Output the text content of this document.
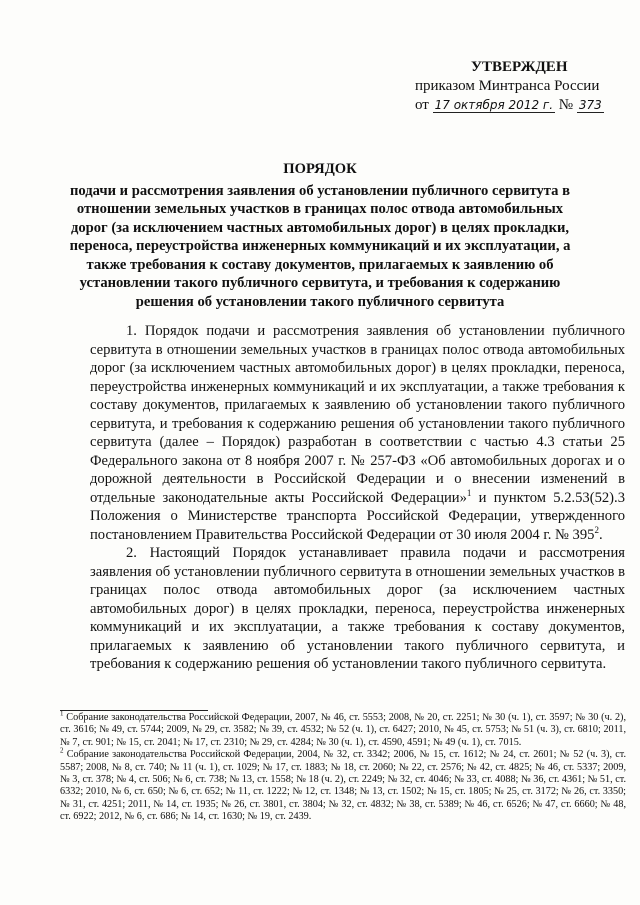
УТВЕРЖДЕН
приказом Минтранса России
от 17 октября 2012 г. № 373
ПОРЯДОК
подачи и рассмотрения заявления об установлении публичного сервитута в отношении земельных участков в границах полос отвода автомобильных дорог (за исключением частных автомобильных дорог) в целях прокладки, переноса, переустройства инженерных коммуникаций и их эксплуатации, а также требования к составу документов, прилагаемых к заявлению об установлении такого публичного сервитута, и требования к содержанию решения об установлении такого публичного сервитута

1. Порядок подачи и рассмотрения заявления об установлении публичного сервитута в отношении земельных участков в границах полос отвода автомобильных дорог (за исключением частных автомобильных дорог) в целях прокладки, переноса, переустройства инженерных коммуникаций и их эксплуатации, а также требования к составу документов, прилагаемых к заявлению об установлении такого публичного сервитута, и требования к содержанию решения об установлении такого публичного сервитута (далее – Порядок) разработан в соответствии с частью 4.3 статьи 25 Федерального закона от 8 ноября 2007 г. № 257-ФЗ «Об автомобильных дорогах и о дорожной деятельности в Российской Федерации и о внесении изменений в отдельные законодательные акты Российской Федерации»$^1$ и пунктом 5.2.53(52).3 Положения о Министерстве транспорта Российской Федерации, утвержденного постановлением Правительства Российской Федерации от 30 июля 2004 г. № $395^2$.

2. Настоящий Порядок устанавливает правила подачи и рассмотрения заявления об установлении публичного сервитута в отношении земельных участков в границах полос отвода автомобильных дорог (за исключением частных автомобильных дорог) в целях прокладки, переноса, переустройства инженерных коммуникаций и их эксплуатации, а также требования к составу документов, прилагаемых к заявлению об установлении такого публичного сервитута, и требования к содержанию решения об установлении такого публичного сервитута.

$^1$ Собрание законодательства Российской Федерации, 2007, № 46, ст. 5553; 2008, № 20, ст. 2251; № 30 (ч. 1), ст. 3597; № 30 (ч. 2), ст. 3616; № 49, ст. 5744; 2009, № 29, ст. 3582; № 39, ст. 4532; № 52 (ч. 1), ст. 6427; 2010, № 45, ст. 5753; № 51 (ч. 3), ст. 6810; 2011, № 7, ст. 901; № 15, ст. 2041; № 17, ст. 2310; № 29, ст. 4284; № 30 (ч. 1), ст. 4590, 4591; № 49 (ч. 1), ст. 7015.

$^2$ Собрание законодательства Российской Федерации, 2004, № 32, ст. 3342; 2006, № 15, ст. 1612; № 24, ст. 2601; № 52 (ч. 3), ст. 5587; 2008, № 8, ст. 740; № 11 (ч. 1), ст. 1029; № 17, ст. 1883; № 18, ст. 2060; № 22, ст. 2576; № 42, ст. 4825; № 46, ст. 5337; 2009, № 3, ст. 378; № 4, ст. 506; № 6, ст. 738; № 13, ст. 1558; № 18 (ч. 2), ст. 2249; № 32, ст. 4046; № 33, ст. 4088; № 36, ст. 4361; № 51, ст. 6332; 2010, № 6, ст. 650; № 6, ст. 652; № 11, ст. 1222; № 12, ст. 1348; № 13, ст. 1502; № 15, ст. 1805; № 25, ст. 3172; № 26, ст. 3350; № 31, ст. 4251; 2011, № 14, ст. 1935; № 26, ст. 3801, ст. 3804; № 32, ст. 4832; № 38, ст. 5389; № 46, ст. 6526; № 47, ст. 6660; № 48, ст. 6922; 2012, № 6, ст. 686; № 14, ст. 1630; № 19, ст. 2439.
